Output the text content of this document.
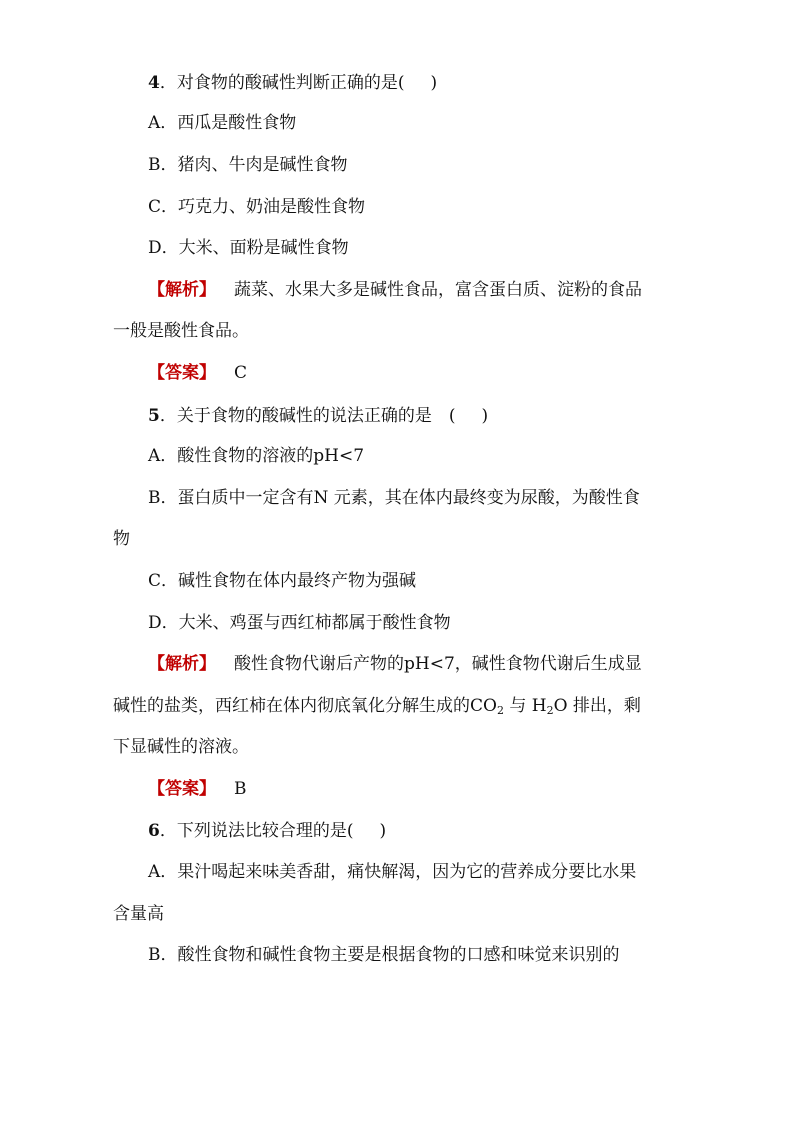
4．对食物的酸碱性判断正确的是( )
A．西瓜是酸性食物
B．猪肉、牛肉是碱性食物
C．巧克力、奶油是酸性食物
D．大米、面粉是碱性食物
【解析】 蔬菜、水果大多是碱性食品，富含蛋白质、淀粉的食品
一般是酸性食品。
【答案】 C
5．关于食物的酸碱性的说法正确的是　( )
A．酸性食物的溶液的pH<7
B．蛋白质中一定含有N 元素，其在体内最终变为尿酸，为酸性食
物
C．碱性食物在体内最终产物为强碱
D．大米、鸡蛋与西红柿都属于酸性食物
【解析】 酸性食物代谢后产物的pH<7，碱性食物代谢后生成显
碱性的盐类，西红柿在体内彻底氧化分解生成的$CO_2$ 与 $H_2O$ 排出，剩
下显碱性的溶液。
【答案】 B
6．下列说法比较合理的是( )
A．果汁喝起来味美香甜，痛快解渴，因为它的营养成分要比水果
含量高
B．酸性食物和碱性食物主要是根据食物的口感和味觉来识别的
